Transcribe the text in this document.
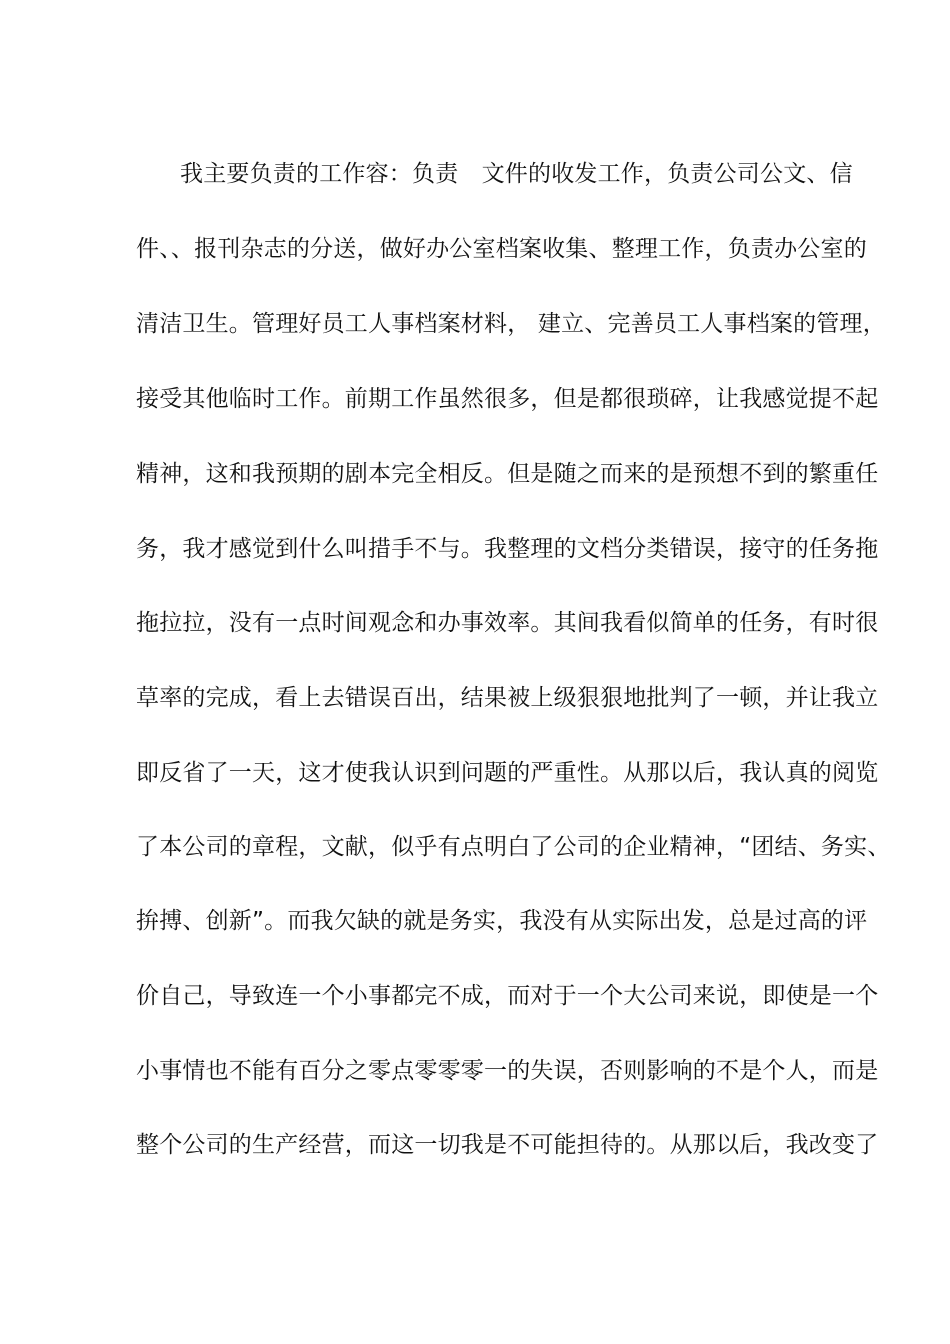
我主要负责的工作容：负责　文件的收发工作，负责公司公文、信
件、、报刊杂志的分送，做好办公室档案收集、整理工作，负责办公室的
清洁卫生。管理好员工人事档案材料， 建立、完善员工人事档案的管理，
接受其他临时工作。前期工作虽然很多，但是都很琐碎，让我感觉提不起
精神，这和我预期的剧本完全相反。但是随之而来的是预想不到的繁重任
务，我才感觉到什么叫措手不与。我整理的文档分类错误，接守的任务拖
拖拉拉，没有一点时间观念和办事效率。其间我看似简单的任务，有时很
草率的完成，看上去错误百出，结果被上级狠狠地批判了一顿，并让我立
即反省了一天，这才使我认识到问题的严重性。从那以后，我认真的阅览
了本公司的章程，文献，似乎有点明白了公司的企业精神，“团结、务实、
拚搏、创新”。而我欠缺的就是务实，我没有从实际出发，总是过高的评
价自己，导致连一个小事都完不成，而对于一个大公司来说，即使是一个
小事情也不能有百分之零点零零零一的失误，否则影响的不是个人，而是
整个公司的生产经营，而这一切我是不可能担待的。从那以后，我改变了
